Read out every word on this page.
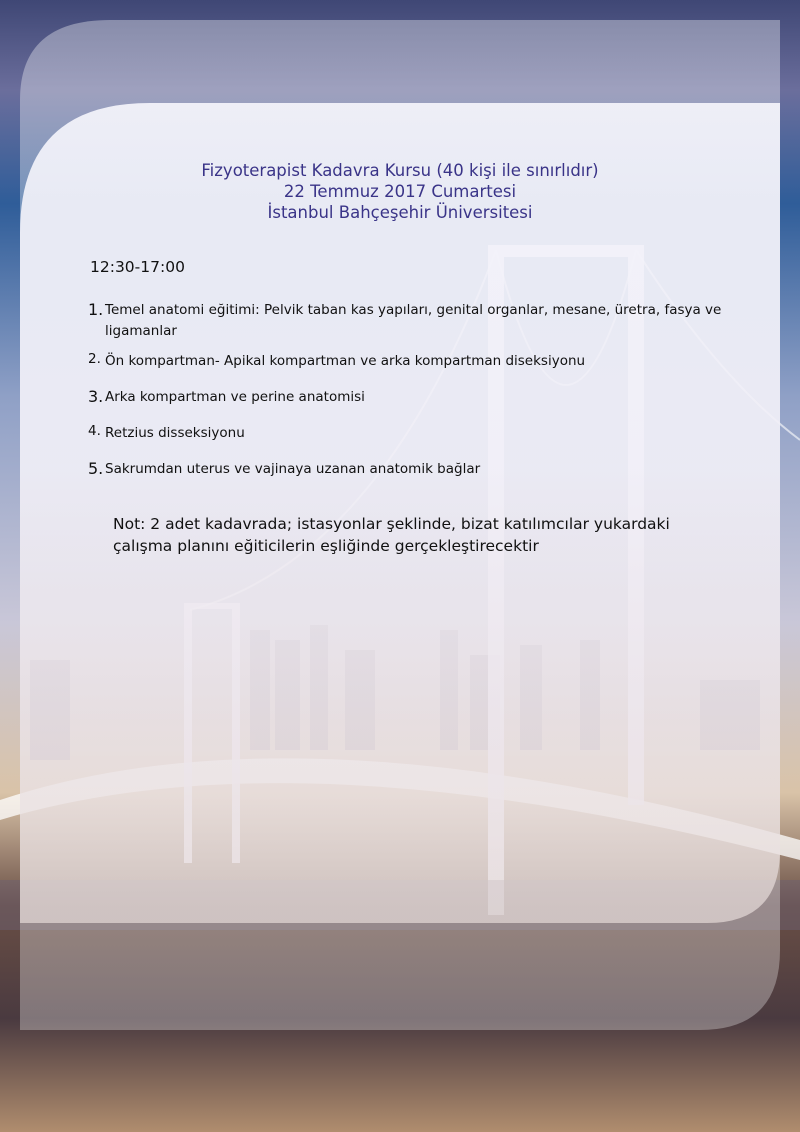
Fizyoterapist Kadavra Kursu (40 kişi ile sınırlıdır)
22 Temmuz 2017 Cumartesi
İstanbul Bahçeşehir Üniversitesi
12:30-17:00
1. Temel anatomi eğitimi: Pelvik taban kas yapıları, genital organlar, mesane, üretra, fasya ve ligamanlar
2. Ön kompartman- Apikal kompartman ve arka kompartman diseksiyonu
3. Arka kompartman ve perine anatomisi
4. Retzius disseksiyonu
5. Sakrumdan uterus ve vajinaya uzanan anatomik bağlar
Not: 2 adet kadavrada; istasyonlar şeklinde, bizat katılımcılar yukardaki
çalışma planını eğiticilerin eşliğinde gerçekleştirecektir
